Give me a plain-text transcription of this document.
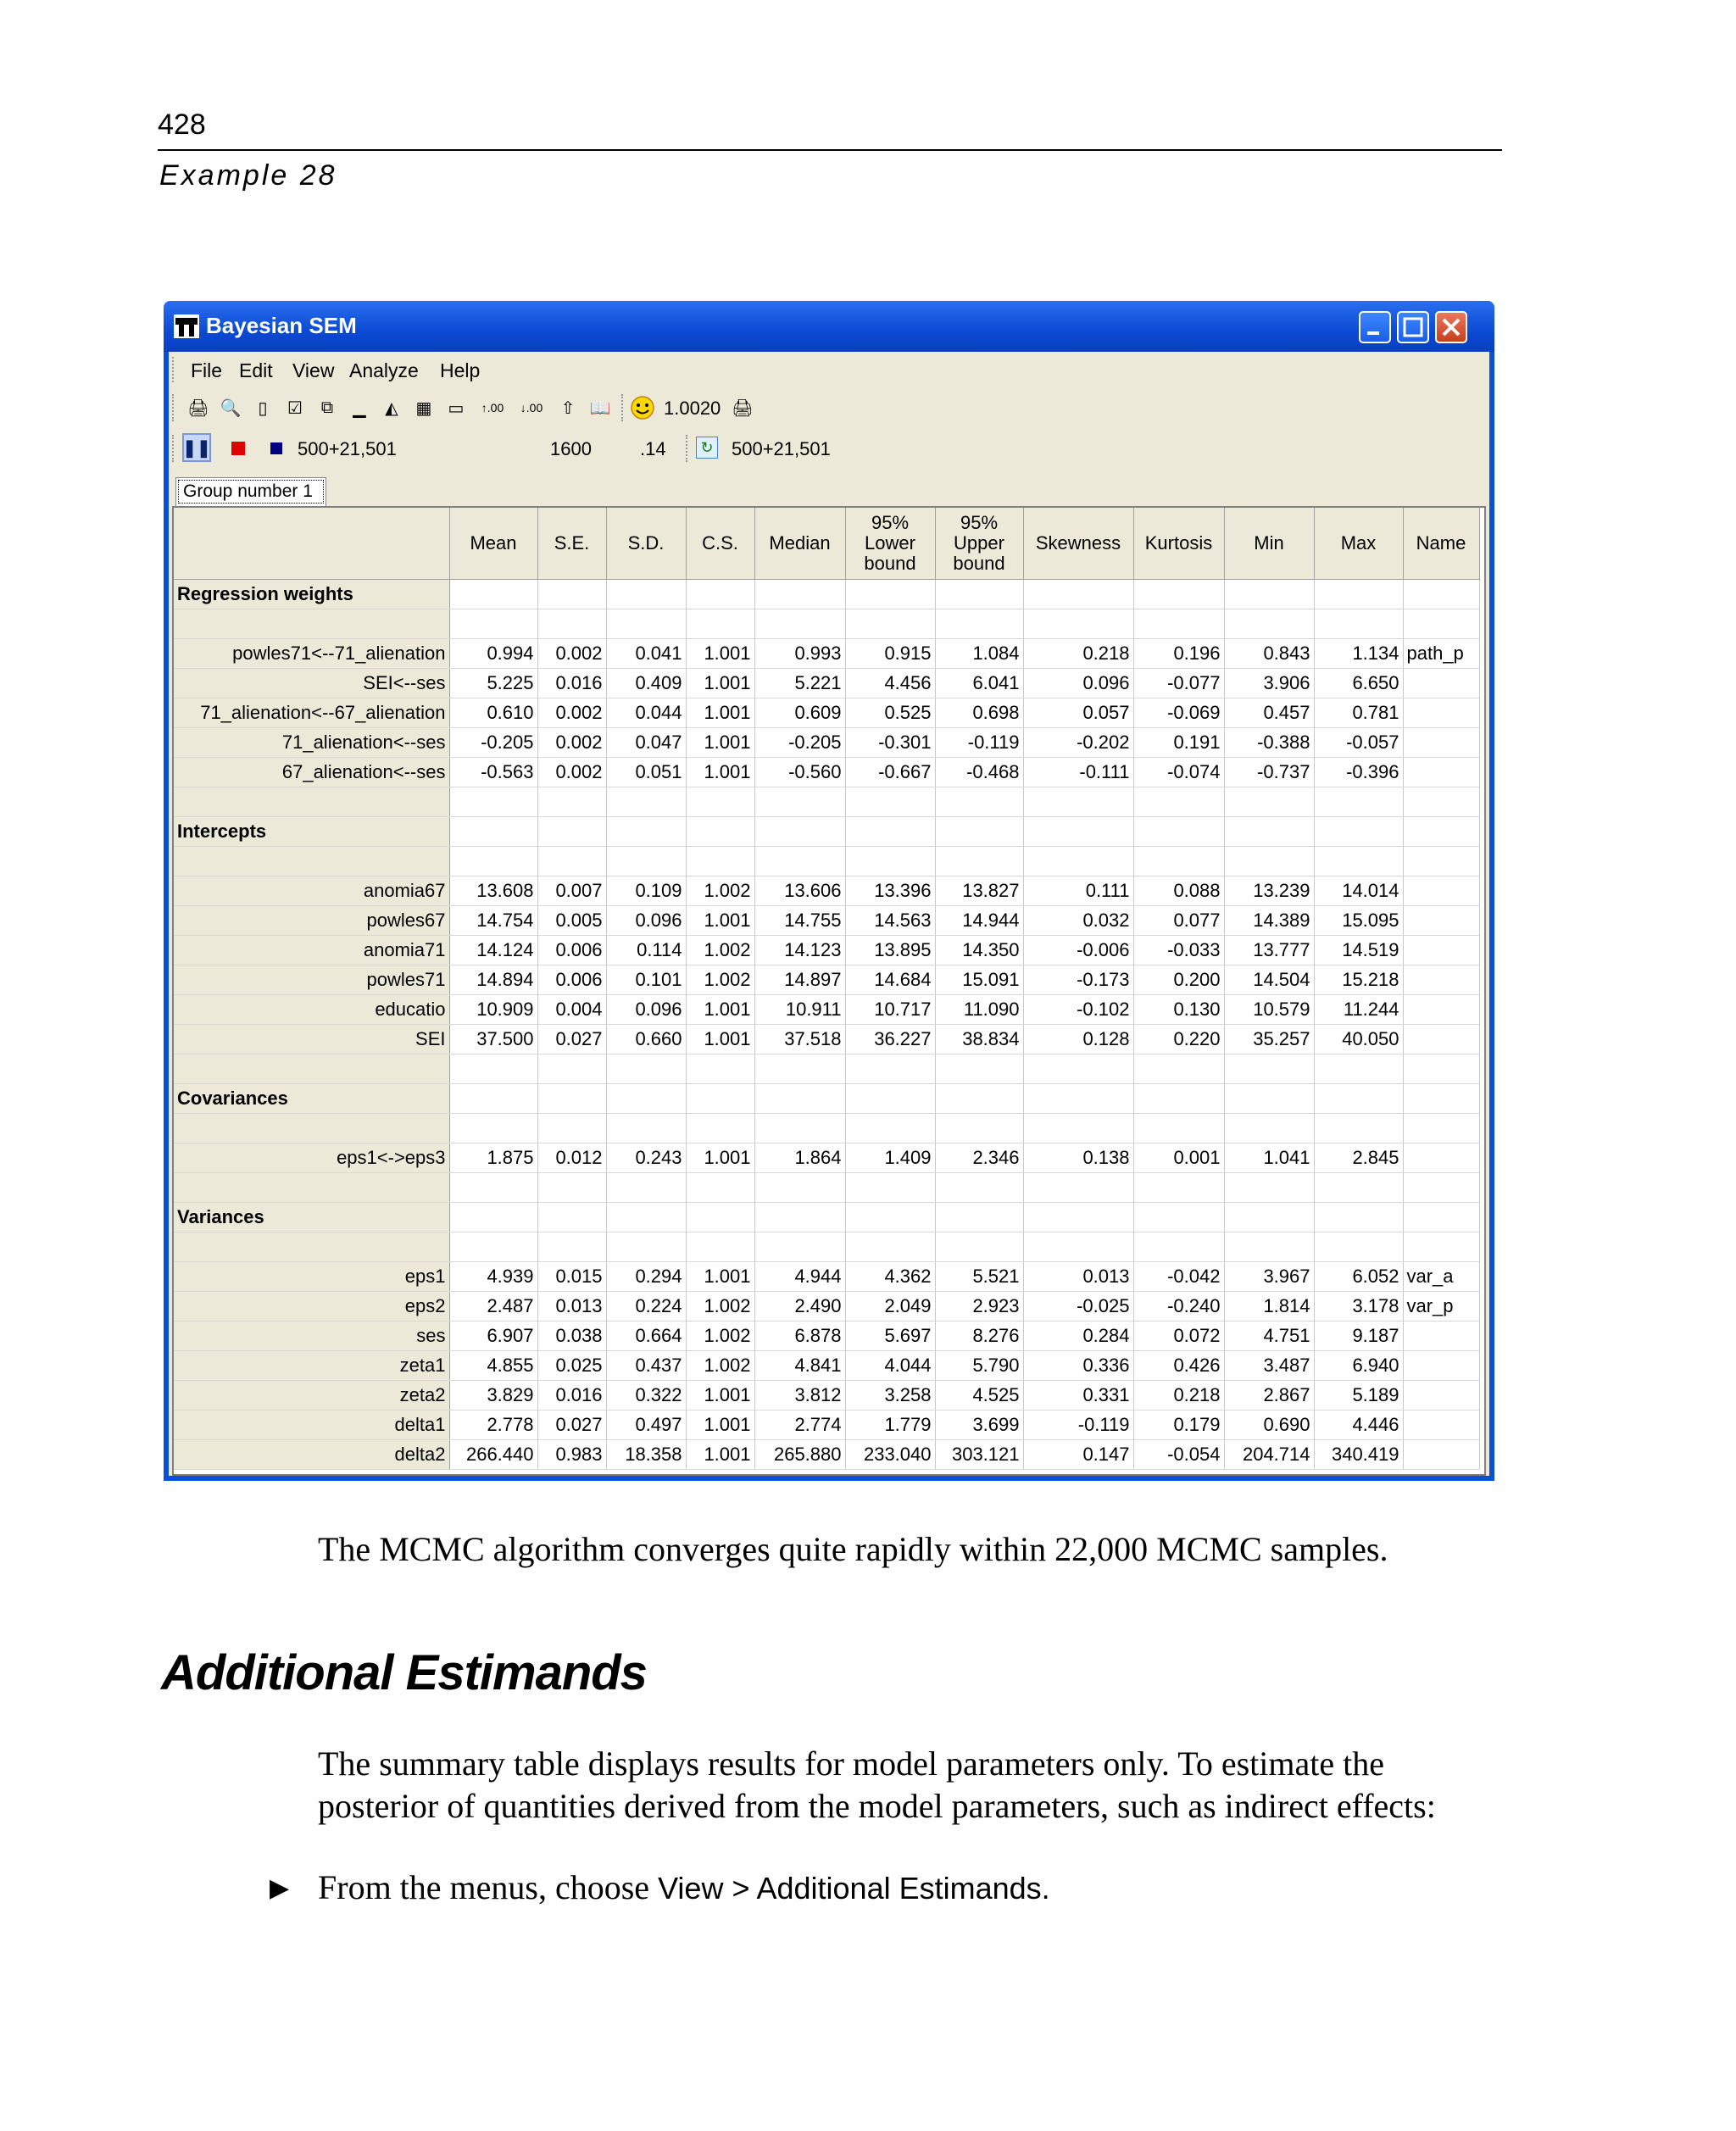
428
Example 28
Bayesian SEM
File Edit View Analyze Help
🖨 🔍	▯	☑	⧉	▁	◭	▦ ▭	↑.00	↓.00	⇧ 📖	1.0020 🖨
❚❚	500+21,501	1600	.14	↻ 500+21,501
Group number 1
	Mean	S.E.	S.D.	C.S.	Median	95%
Lower
bound	95%
Upper
bound	Skewness	Kurtosis	Min	Max	Name
Regression weights												

powles71<--71_alienation	0.994	0.002	0.041	1.001	0.993	0.915	1.084	0.218	0.196	0.843	1.134	path_p
SEI<--ses	5.225	0.016	0.409	1.001	5.221	4.456	6.041	0.096	-0.077	3.906	6.650	
71_alienation<--67_alienation	0.610	0.002	0.044	1.001	0.609	0.525	0.698	0.057	-0.069	0.457	0.781	
71_alienation<--ses	-0.205	0.002	0.047	1.001	-0.205	-0.301	-0.119	-0.202	0.191	-0.388	-0.057	
67_alienation<--ses	-0.563	0.002	0.051	1.001	-0.560	-0.667	-0.468	-0.111	-0.074	-0.737	-0.396	

Intercepts												

anomia67	13.608	0.007	0.109	1.002	13.606	13.396	13.827	0.111	0.088	13.239	14.014	
powles67	14.754	0.005	0.096	1.001	14.755	14.563	14.944	0.032	0.077	14.389	15.095	
anomia71	14.124	0.006	0.114	1.002	14.123	13.895	14.350	-0.006	-0.033	13.777	14.519	
powles71	14.894	0.006	0.101	1.002	14.897	14.684	15.091	-0.173	0.200	14.504	15.218	
educatio	10.909	0.004	0.096	1.001	10.911	10.717	11.090	-0.102	0.130	10.579	11.244	
SEI	37.500	0.027	0.660	1.001	37.518	36.227	38.834	0.128	0.220	35.257	40.050	

Covariances												

eps1<->eps3	1.875	0.012	0.243	1.001	1.864	1.409	2.346	0.138	0.001	1.041	2.845	

Variances												

eps1	4.939	0.015	0.294	1.001	4.944	4.362	5.521	0.013	-0.042	3.967	6.052	var_a
eps2	2.487	0.013	0.224	1.002	2.490	2.049	2.923	-0.025	-0.240	1.814	3.178	var_p
ses	6.907	0.038	0.664	1.002	6.878	5.697	8.276	0.284	0.072	4.751	9.187	
zeta1	4.855	0.025	0.437	1.002	4.841	4.044	5.790	0.336	0.426	3.487	6.940	
zeta2	3.829	0.016	0.322	1.001	3.812	3.258	4.525	0.331	0.218	2.867	5.189	
delta1	2.778	0.027	0.497	1.001	2.774	1.779	3.699	-0.119	0.179	0.690	4.446	
delta2	266.440	0.983	18.358	1.001	265.880	233.040	303.121	0.147	-0.054	204.714	340.419	
The MCMC algorithm converges quite rapidly within 22,000 MCMC samples.
Additional Estimands
The summary table displays results for model parameters only. To estimate the posterior of quantities derived from the model parameters, such as indirect effects:
▶ From the menus, choose View > Additional Estimands.
